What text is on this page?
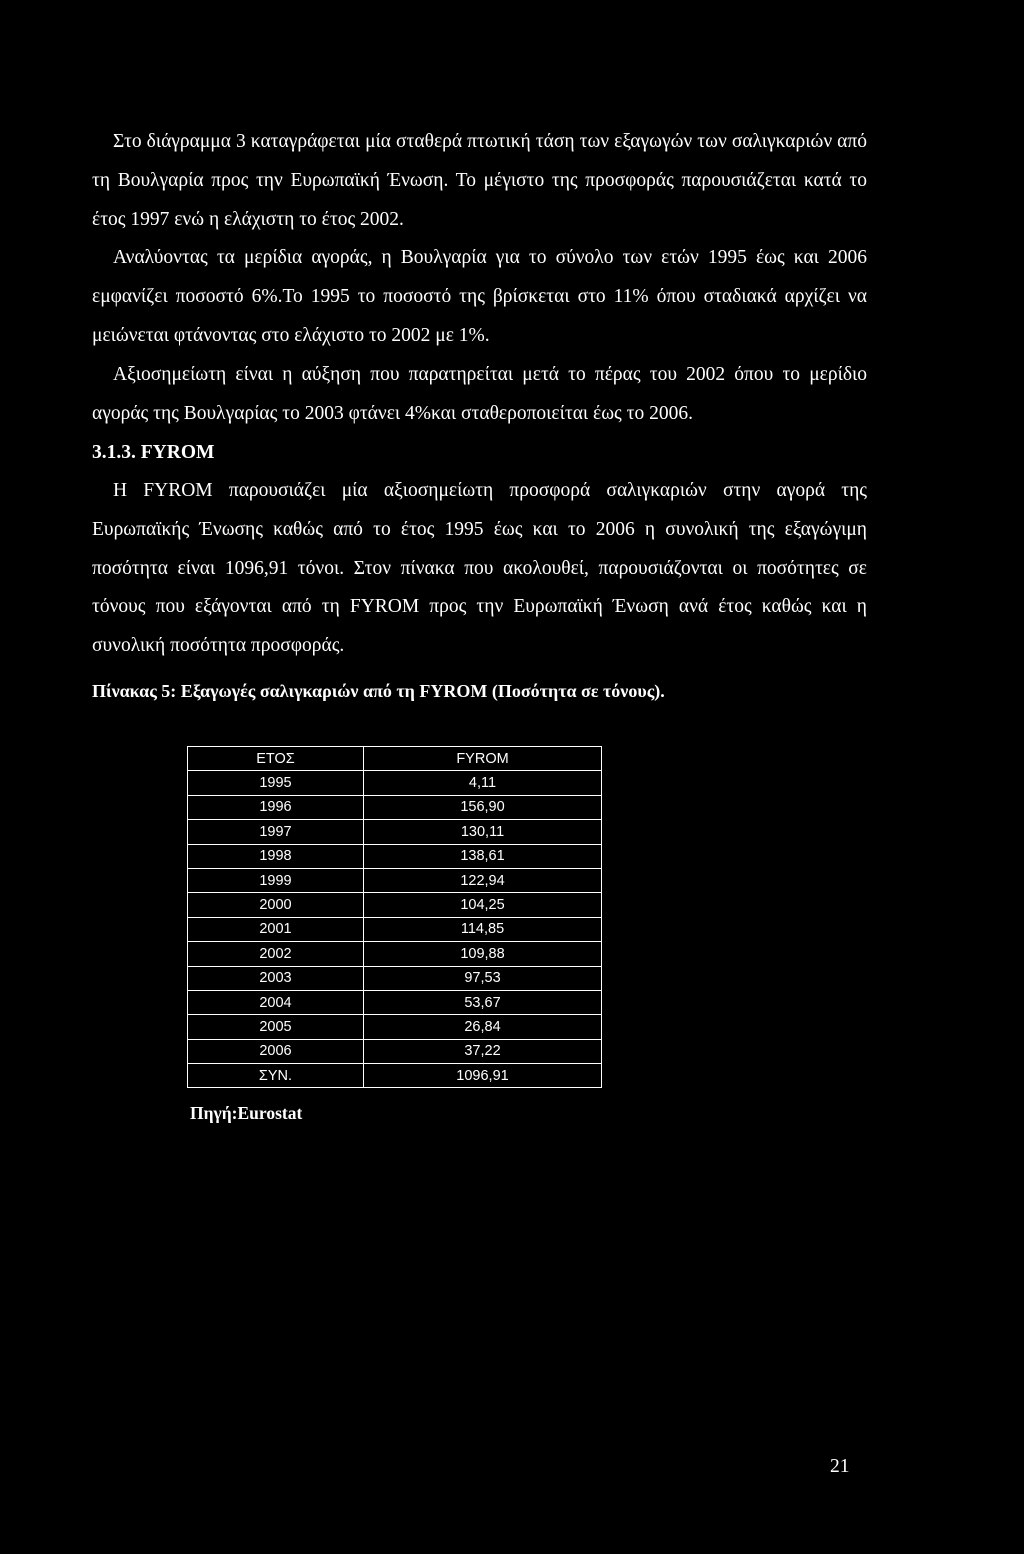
Στο διάγραμμα 3 καταγράφεται μία σταθερά πτωτική τάση των εξαγωγών των σαλιγκαριών από τη Βουλγαρία προς την Ευρωπαϊκή Ένωση. Το μέγιστο της προσφοράς παρουσιάζεται κατά το έτος 1997 ενώ η ελάχιστη το έτος 2002.
Αναλύοντας τα μερίδια αγοράς, η Βουλγαρία για το σύνολο των ετών 1995 έως και 2006 εμφανίζει ποσοστό 6%.Το 1995 το ποσοστό της βρίσκεται στο 11% όπου σταδιακά αρχίζει να μειώνεται φτάνοντας στο ελάχιστο το 2002 με 1%.

Αξιοσημείωτη είναι η αύξηση που παρατηρείται μετά το πέρας του 2002 όπου το μερίδιο αγοράς της Βουλγαρίας το 2003 φτάνει 4%και σταθεροποιείται έως το 2006.

3.1.3. FYROM

Η FYROM παρουσιάζει μία αξιοσημείωτη προσφορά σαλιγκαριών στην αγορά της Ευρωπαϊκής Ένωσης καθώς από το έτος 1995 έως και το 2006 η συνολική της εξαγώγιμη ποσότητα είναι 1096,91 τόνοι. Στον πίνακα που ακολουθεί, παρουσιάζονται οι ποσότητες σε τόνους που εξάγονται από τη FYROM προς την Ευρωπαϊκή Ένωση ανά έτος καθώς και η συνολική ποσότητα προσφοράς.

Πίνακας 5: Εξαγωγές σαλιγκαριών από τη FYROM (Ποσότητα σε τόνους).

ΕΤΟΣ	FYROM
1995	4,11
1996	156,90
1997	130,11
1998	138,61
1999	122,94
2000	104,25
2001	114,85
2002	109,88
2003	97,53
2004	53,67
2005	26,84
2006	37,22
ΣΥΝ.	1096,91

Πηγή:Eurostat

21
